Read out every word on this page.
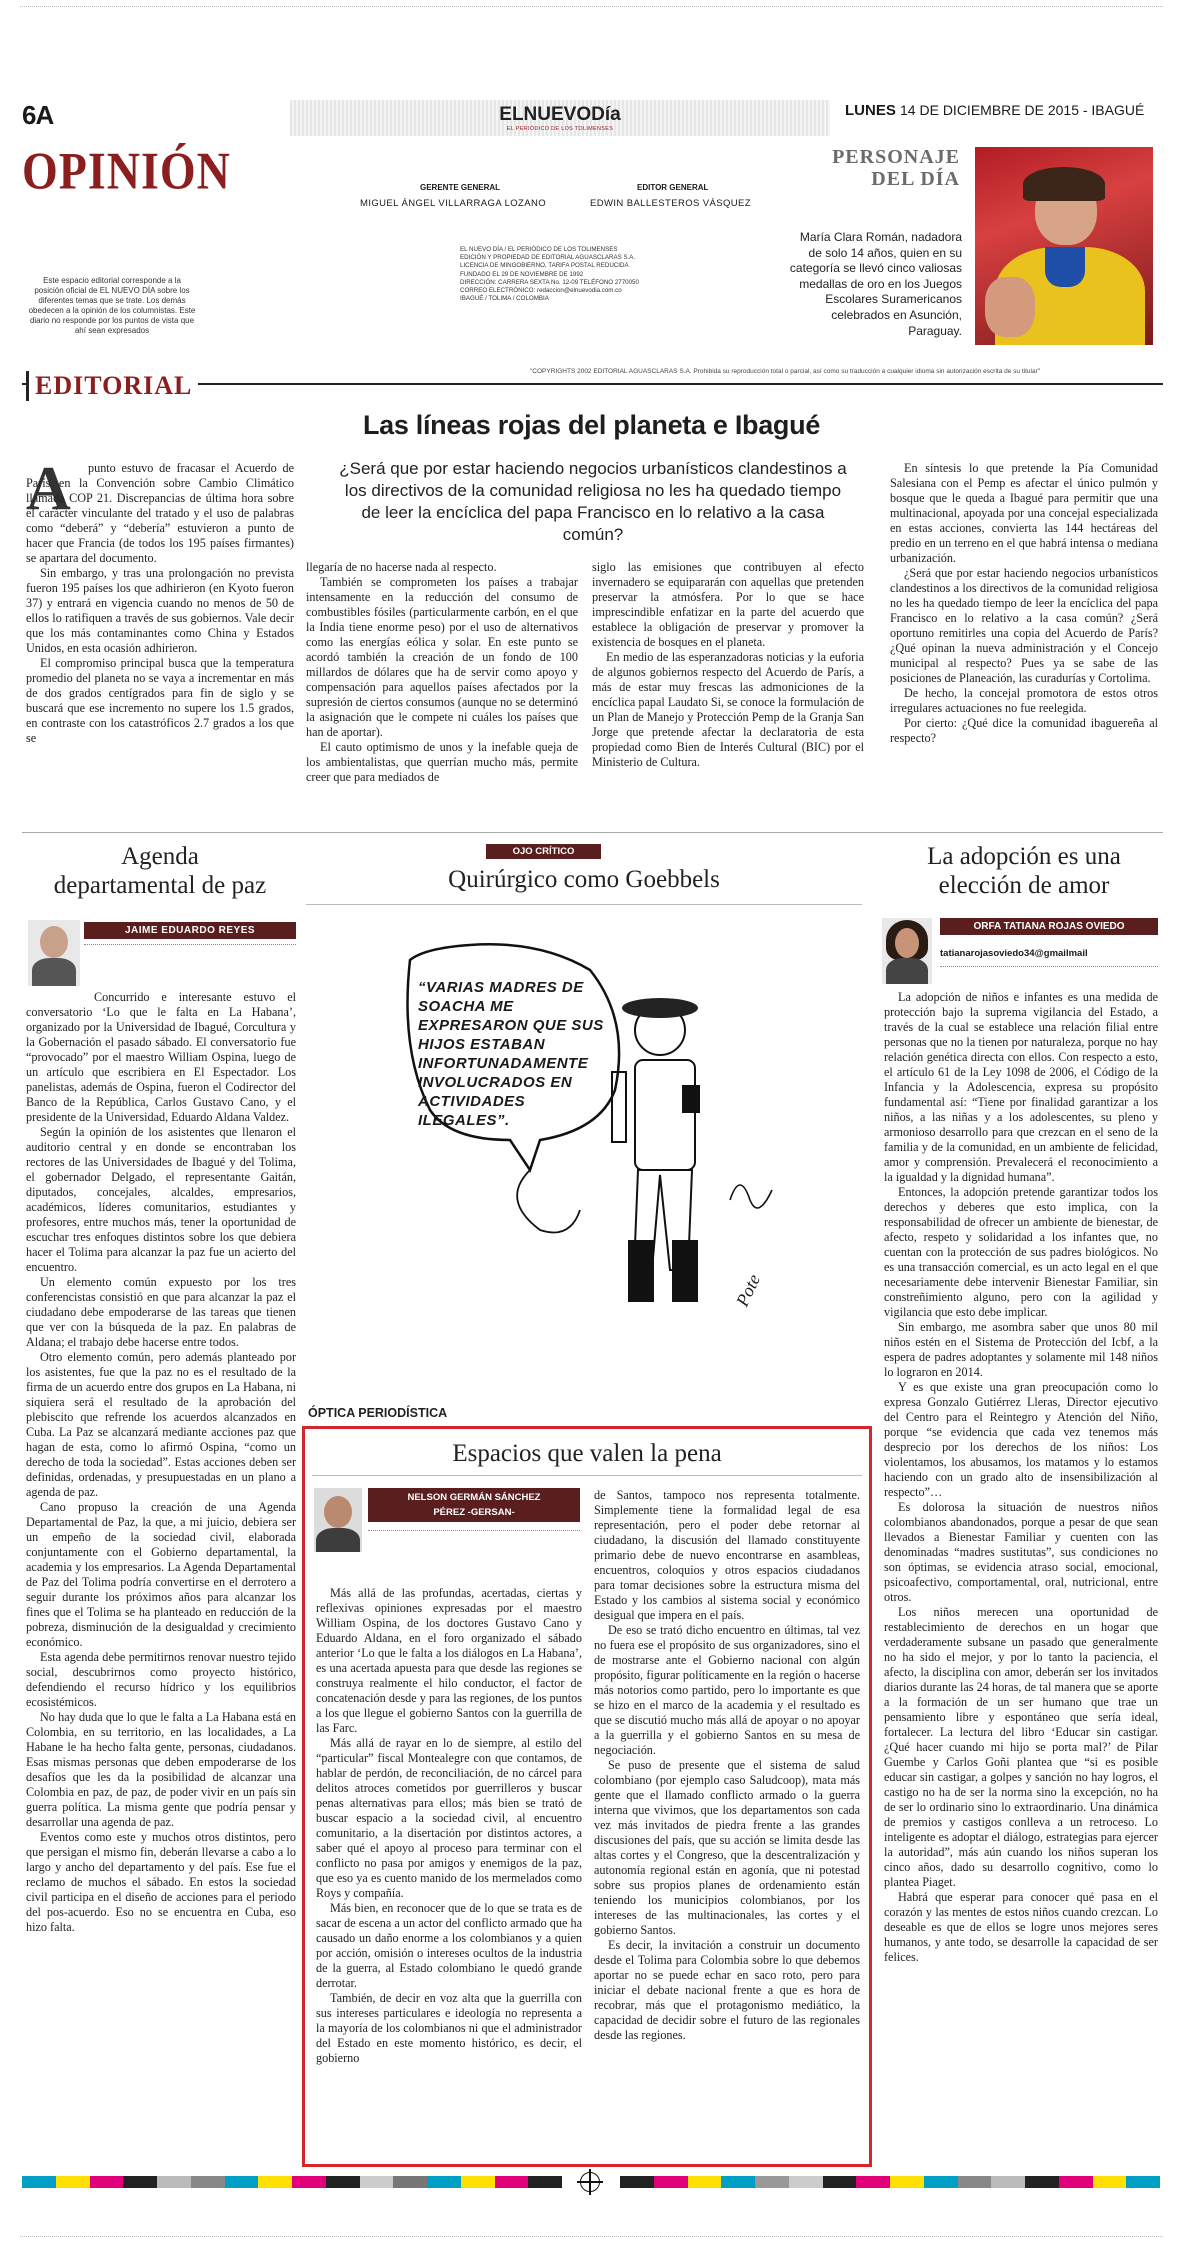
6A
OPINIÓN
ELNUEVODía
EL PERIÓDICO DE LOS TOLIMENSES
LUNES 14 DE DICIEMBRE DE 2015 - IBAGUÉ
GERENTE GENERAL
MIGUEL ÁNGEL VILLARRAGA LOZANO
EDITOR GENERAL
EDWIN BALLESTEROS VÁSQUEZ
EL NUEVO DÍA / EL PERIÓDICO DE LOS TOLIMENSES
EDICIÓN Y PROPIEDAD DE EDITORIAL AGUASCLARAS S.A.
LICENCIA DE MINGOBIERNO, TARIFA POSTAL REDUCIDA
FUNDADO EL 29 DE NOVIEMBRE DE 1992
DIRECCIÓN: CARRERA SEXTA No. 12-09 TELÉFONO 2770050
CORREO ELECTRÓNICO: redaccion@elnuevodia.com.co
IBAGUÉ / TOLIMA / COLOMBIA
Este espacio editorial corresponde a la posición oficial de EL NUEVO DÍA sobre los diferentes temas que se trate. Los demás obedecen a la opinión de los columnistas. Este diario no responde por los puntos de vista que ahí sean expresados
PERSONAJE
DEL DÍA
María Clara Román, nadadora de solo 14 años, quien en su categoría se llevó cinco valiosas medallas de oro en los Juegos Escolares Suramericanos celebrados en Asunción, Paraguay.
EDITORIAL	"COPYRIGHTS 2002 EDITORIAL AGUASCLARAS S.A. Prohibida su reproducción total o parcial, así como su traducción a cualquier idioma sin autorización escrita de su titular"
Las líneas rojas del planeta e Ibagué
¿Será que por estar haciendo negocios urbanísticos clandestinos a los directivos de la comunidad religiosa no les ha quedado tiempo de leer la encíclica del papa Francisco en lo relativo a la casa común?
A	punto estuvo de fracasar el Acuerdo de París en la Convención sobre Cambio Climático llamada COP 21. Discrepancias de última hora sobre el carácter vinculante del tratado y el uso de palabras como “deberá” y “debería” estuvieron a punto de hacer que Francia (de todos los 195 países firmantes) se apartara del documento.

Sin embargo, y tras una prolongación no prevista fueron 195 países los que adhirieron (en Kyoto fueron 37) y entrará en vigencia cuando no menos de 50 de ellos lo ratifiquen a través de sus gobiernos. Vale decir que los más contaminantes como China y Estados Unidos, en esta ocasión adhirieron.

El compromiso principal busca que la temperatura promedio del planeta no se vaya a incrementar en más de dos grados centígrados para fin de siglo y se buscará que ese incremento no supere los 1.5 grados, en contraste con los catastróficos 2.7 grados a los que se

llegaría de no hacerse nada al respecto.

También se comprometen los países a trabajar intensamente en la reducción del consumo de combustibles fósiles (particularmente carbón, en el que la India tiene enorme peso) por el uso de alternativos como las energías eólica y solar. En este punto se acordó también la creación de un fondo de 100 millardos de dólares que ha de servir como apoyo y compensación para aquellos países afectados por la supresión de ciertos consumos (aunque no se determinó la asignación que le compete ni cuáles los países que han de aportar).

El cauto optimismo de unos y la inefable queja de los ambientalistas, que querrían mucho más, permite creer que para mediados de

siglo las emisiones que contribuyen al efecto invernadero se equipararán con aquellas que pretenden preservar la atmósfera. Por lo que se hace imprescindible enfatizar en la parte del acuerdo que establece la obligación de preservar y promover la existencia de bosques en el planeta.

En medio de las esperanzadoras noticias y la euforia de algunos gobiernos respecto del Acuerdo de París, a más de estar muy frescas las admoniciones de la encíclica papal Laudato Si, se conoce la formulación de un Plan de Manejo y Protección Pemp de la Granja San Jorge que pretende afectar la declaratoria de esta propiedad como Bien de Interés Cultural (BIC) por el Ministerio de Cultura.

En síntesis lo que pretende la Pía Comunidad Salesiana con el Pemp es afectar el único pulmón y bosque que le queda a Ibagué para permitir que una multinacional, apoyada por una concejal especializada en estas acciones, convierta las 144 hectáreas del predio en un terreno en el que habrá intensa o mediana urbanización.

¿Será que por estar haciendo negocios urbanísticos clandestinos a los directivos de la comunidad religiosa no les ha quedado tiempo de leer la encíclica del papa Francisco en lo relativo a la casa común? ¿Será oportuno remitirles una copia del Acuerdo de París? ¿Qué opinan la nueva administración y el Concejo municipal al respecto? Pues ya se sabe de las posiciones de Planeación, las curadurías y Cortolima.

De hecho, la concejal promotora de estos otros irregulares actuaciones no fue reelegida.

Por cierto: ¿Qué dice la comunidad ibaguereña al respecto?

Agenda
departamental de paz
JAIME EDUARDO REYES

Concurrido e interesante estuvo el conversatorio ‘Lo que le falta en La Habana’, organizado por la Universidad de Ibagué, Corcultura y la Gobernación el pasado sábado. El conversatorio fue “provocado” por el maestro William Ospina, luego de un artículo que escribiera en El Espectador. Los panelistas, además de Ospina, fueron el Codirector del Banco de la República, Carlos Gustavo Cano, y el presidente de la Universidad, Eduardo Aldana Valdez.

Según la opinión de los asistentes que llenaron el auditorio central y en donde se encontraban los rectores de las Universidades de Ibagué y del Tolima, el gobernador Delgado, el representante Gaitán, diputados, concejales, alcaldes, empresarios, académicos, líderes comunitarios, estudiantes y profesores, entre muchos más, tener la oportunidad de escuchar tres enfoques distintos sobre los que debiera hacer el Tolima para alcanzar la paz fue un acierto del encuentro.

Un elemento común expuesto por los tres conferencistas consistió en que para alcanzar la paz el ciudadano debe empoderarse de las tareas que tienen que ver con la búsqueda de la paz. En palabras de Aldana; el trabajo debe hacerse entre todos.

Otro elemento común, pero además planteado por los asistentes, fue que la paz no es el resultado de la firma de un acuerdo entre dos grupos en La Habana, ni siquiera será el resultado de la aprobación del plebiscito que refrende los acuerdos alcanzados en Cuba. La Paz se alcanzará mediante acciones paz que hagan de esta, como lo afirmó Ospina, “como un derecho de toda la sociedad”. Estas acciones deben ser definidas, ordenadas, y presupuestadas en un plano a agenda de paz.

Cano propuso la creación de una Agenda Departamental de Paz, la que, a mi juicio, debiera ser un empeño de la sociedad civil, elaborada conjuntamente con el Gobierno departamental, la academia y los empresarios. La Agenda Departamental de Paz del Tolima podría convertirse en el derrotero a seguir durante los próximos años para alcanzar los fines que el Tolima se ha planteado en reducción de la pobreza, disminución de la desigualdad y crecimiento económico.

Esta agenda debe permitirnos renovar nuestro tejido social, descubrirnos como proyecto histórico, defendiendo el recurso hídrico y los equilibrios ecosistémicos.

No hay duda que lo que le falta a La Habana está en Colombia, en su territorio, en las localidades, a La Habane le ha hecho falta gente, personas, ciudadanos. Esas mismas personas que deben empoderarse de los desafíos que les da la posibilidad de alcanzar una Colombia en paz, de paz, de poder vivir en un país sin guerra política. La misma gente que podría pensar y desarrollar una agenda de paz.

Eventos como este y muchos otros distintos, pero que persigan el mismo fin, deberán llevarse a cabo a lo largo y ancho del departamento y del país. Ese fue el reclamo de muchos el sábado. En estos la sociedad civil participa en el diseño de acciones para el periodo del pos-acuerdo. Eso no se encuentra en Cuba, eso hizo falta.

OJO CRÍTICO
Quirúrgico como Goebbels
“VARIAS MADRES DE SOACHA ME EXPRESARON QUE SUS HIJOS ESTABAN INFORTUNADAMENTE INVOLUCRADOS EN ACTIVIDADES ILEGALES”.
Pote
ÓPTICA PERIODÍSTICA
Espacios que valen la pena
NELSON GERMÁN SÁNCHEZ
PÉREZ -GERSAN-

Más allá de las profundas, acertadas, ciertas y reflexivas opiniones expresadas por el maestro William Ospina, de los doctores Gustavo Cano y Eduardo Aldana, en el foro organizado el sábado anterior ‘Lo que le falta a los diálogos en La Habana’, es una acertada apuesta para que desde las regiones se construya realmente el hilo conductor, el factor de concatenación desde y para las regiones, de los puntos a los que llegue el gobierno Santos con la guerrilla de las Farc.

Más allá de rayar en lo de siempre, al estilo del “particular” fiscal Montealegre con que contamos, de hablar de perdón, de reconciliación, de no cárcel para delitos atroces cometidos por guerrilleros y buscar penas alternativas para ellos; más bien se trató de buscar espacio a la sociedad civil, al encuentro comunitario, a la disertación por distintos actores, a saber qué el apoyo al proceso para terminar con el conflicto no pasa por amigos y enemigos de la paz, que eso ya es cuento manido de los mermelados como Roys y compañía.

Más bien, en reconocer que de lo que se trata es de sacar de escena a un actor del conflicto armado que ha causado un daño enorme a los colombianos y a quien por acción, omisión o intereses ocultos de la industria de la guerra, al Estado colombiano le quedó grande derrotar.

También, de decir en voz alta que la guerrilla con sus intereses particulares e ideología no representa a la mayoría de los colombianos ni que el administrador del Estado en este momento histórico, es decir, el gobierno

de Santos, tampoco nos representa totalmente. Simplemente tiene la formalidad legal de esa representación, pero el poder debe retornar al ciudadano, la discusión del llamado constituyente primario debe de nuevo encontrarse en asambleas, encuentros, coloquios y otros espacios ciudadanos para tomar decisiones sobre la estructura misma del Estado y los cambios al sistema social y económico desigual que impera en el país.

De eso se trató dicho encuentro en últimas, tal vez no fuera ese el propósito de sus organizadores, sino el de mostrarse ante el Gobierno nacional con algún propósito, figurar políticamente en la región o hacerse más notorios como partido, pero lo importante es que se hizo en el marco de la academia y el resultado es que se discutió mucho más allá de apoyar o no apoyar a la guerrilla y el gobierno Santos en su mesa de negociación.

Se puso de presente que el sistema de salud colombiano (por ejemplo caso Saludcoop), mata más gente que el llamado conflicto armado o la guerra interna que vivimos, que los departamentos son cada vez más invitados de piedra frente a las grandes discusiones del país, que su acción se limita desde las altas cortes y el Congreso, que la descentralización y autonomía regional están en agonía, que ni potestad sobre sus propios planes de ordenamiento están teniendo los municipios colombianos, por los intereses de las multinacionales, las cortes y el gobierno Santos.

Es decir, la invitación a construir un documento desde el Tolima para Colombia sobre lo que debemos aportar no se puede echar en saco roto, pero para iniciar el debate nacional frente a que es hora de recobrar, más que el protagonismo mediático, la capacidad de decidir sobre el futuro de las regionales desde las regiones.

La adopción es una
elección de amor
ORFA TATIANA ROJAS OVIEDO
tatianarojasoviedo34@gmailmail

La adopción de niños e infantes es una medida de protección bajo la suprema vigilancia del Estado, a través de la cual se establece una relación filial entre personas que no la tienen por naturaleza, porque no hay relación genética directa con ellos. Con respecto a esto, el artículo 61 de la Ley 1098 de 2006, el Código de la Infancia y la Adolescencia, expresa su propósito fundamental así: “Tiene por finalidad garantizar a los niños, a las niñas y a los adolescentes, su pleno y armonioso desarrollo para que crezcan en el seno de la familia y de la comunidad, en un ambiente de felicidad, amor y comprensión. Prevalecerá el reconocimiento a la igualdad y la dignidad humana”.

Entonces, la adopción pretende garantizar todos los derechos y deberes que esto implica, con la responsabilidad de ofrecer un ambiente de bienestar, de afecto, respeto y solidaridad a los infantes que, no cuentan con la protección de sus padres biológicos. No es una transacción comercial, es un acto legal en el que necesariamente debe intervenir Bienestar Familiar, sin constreñimiento alguno, pero con la agilidad y vigilancia que esto debe implicar.

Sin embargo, me asombra saber que unos 80 mil niños estén en el Sistema de Protección del Icbf, a la espera de padres adoptantes y solamente mil 148 niños lo lograron en 2014.

Y es que existe una gran preocupación como lo expresa Gonzalo Gutiérrez Lleras, Director ejecutivo del Centro para el Reintegro y Atención del Niño, porque “se evidencia que cada vez tenemos más desprecio por los derechos de los niños: Los violentamos, los abusamos, los matamos y lo estamos haciendo con un grado alto de insensibilización al respecto”…

Es dolorosa la situación de nuestros niños colombianos abandonados, porque a pesar de que sean llevados a Bienestar Familiar y cuenten con las denominadas “madres sustitutas”, sus condiciones no son óptimas, se evidencia atraso social, emocional, psicoafectivo, comportamental, oral, nutricional, entre otros.

Los niños merecen una oportunidad de restablecimiento de derechos en un hogar que verdaderamente subsane un pasado que generalmente no ha sido el mejor, y por lo tanto la paciencia, el afecto, la disciplina con amor, deberán ser los invitados diarios durante las 24 horas, de tal manera que se aporte a la formación de un ser humano que trae un pensamiento libre y espontáneo que sería ideal, fortalecer. La lectura del libro ‘Educar sin castigar. ¿Qué hacer cuando mi hijo se porta mal?’ de Pilar Guembe y Carlos Goñi plantea que “si es posible educar sin castigar, a golpes y sanción no hay logros, el castigo no ha de ser la norma sino la excepción, no ha de ser lo ordinario sino lo extraordinario. Una dinámica de premios y castigos conlleva a un retroceso. Lo inteligente es adoptar el diálogo, estrategias para ejercer la autoridad”, más aún cuando los niños superan los cinco años, dado su desarrollo cognitivo, como lo plantea Piaget.

Habrá que esperar para conocer qué pasa en el corazón y las mentes de estos niños cuando crezcan. Lo deseable es que de ellos se logre unos mejores seres humanos, y ante todo, se desarrolle la capacidad de ser felices.
